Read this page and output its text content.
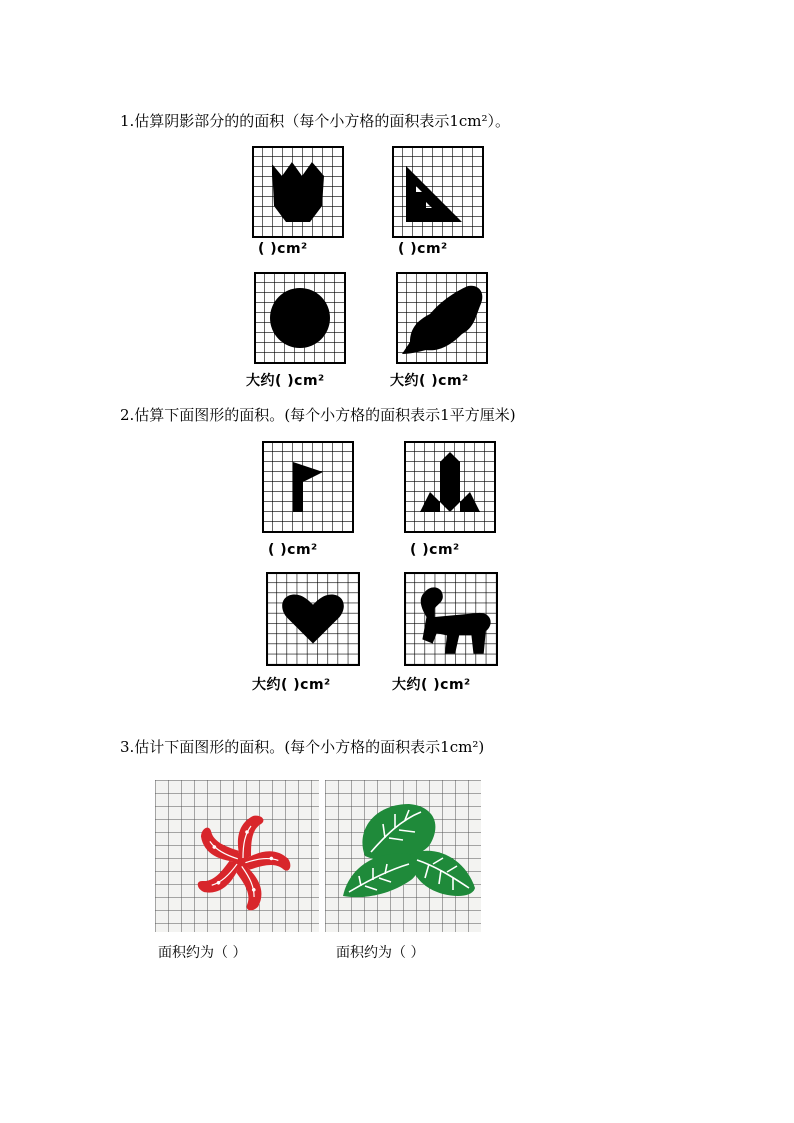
1.估算阴影部分的的面积（每个小方格的面积表示1cm²）。
( )cm²	( )cm²
大约( )cm²	大约( )cm²
2.估算下面图形的面积。(每个小方格的面积表示1平方厘米)
( )cm²	( )cm²
大约( )cm²	大约( )cm²
3.估计下面图形的面积。(每个小方格的面积表示1cm²)
面积约为（ ）	面积约为（ ）
